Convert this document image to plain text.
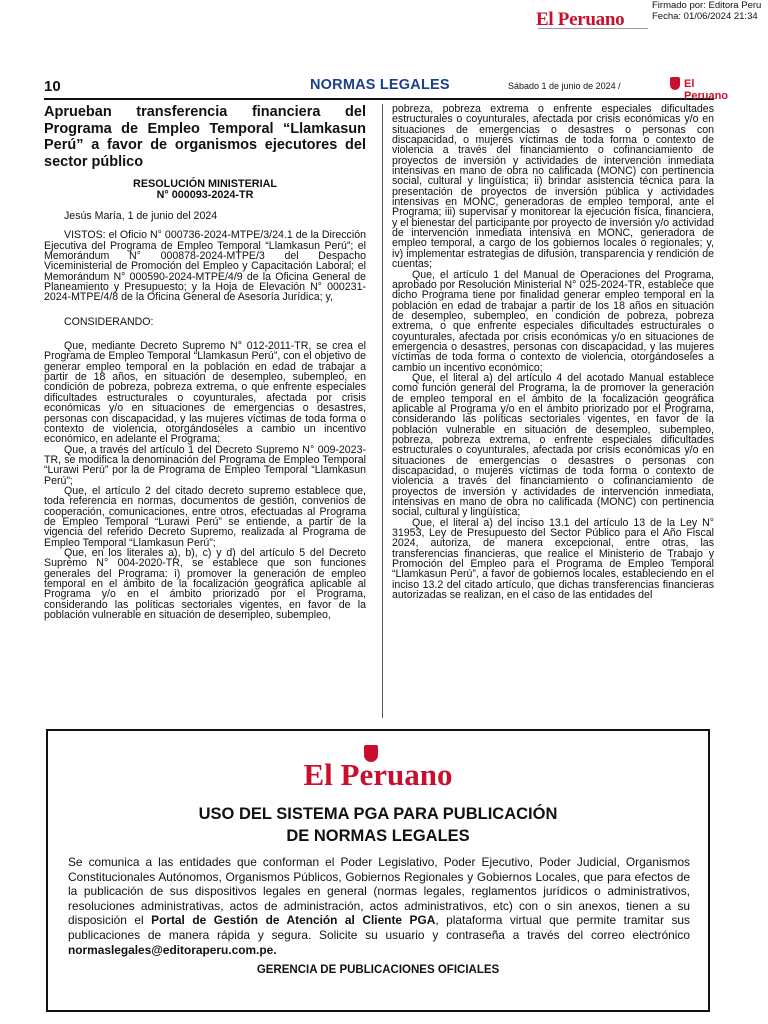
El Peruano
Firmado por: Editora Peru Fecha: 01/06/2024 21:34
10	NORMAS LEGALES	Sábado 1 de junio de 2024 /	El Peruano
Aprueban transferencia financiera del Programa de Empleo Temporal “Llamkasun Perú” a favor de organismos ejecutores del sector público
RESOLUCIÓN MINISTERIAL
N° 000093-2024-TR

Jesús María, 1 de junio del 2024

VISTOS: el Oficio N° 000736-2024-MTPE/3/24.1 de la Dirección Ejecutiva del Programa de Empleo Temporal “Llamkasun Perú”; el Memorándum N° 000878-2024-MTPE/3 del Despacho Viceministerial de Promoción del Empleo y Capacitación Laboral; el Memorándum N° 000590-2024-MTPE/4/9 de la Oficina General de Planeamiento y Presupuesto; y la Hoja de Elevación N° 000231-2024-MTPE/4/8 de la Oficina General de Asesoría Jurídica; y,

CONSIDERANDO:

Que, mediante Decreto Supremo N° 012-2011-TR, se crea el Programa de Empleo Temporal “Llamkasun Perú”, con el objetivo de generar empleo temporal en la población en edad de trabajar a partir de 18 años, en situación de desempleo, subempleo, en condición de pobreza, pobreza extrema, o que enfrente especiales dificultades estructurales o coyunturales, afectada por crisis económicas y/o en situaciones de emergencias o desastres, personas con discapacidad, y las mujeres víctimas de toda forma o contexto de violencia, otorgándoseles a cambio un incentivo económico, en adelante el Programa;

Que, a través del artículo 1 del Decreto Supremo N° 009-2023-TR, se modifica la denominación del Programa de Empleo Temporal “Lurawi Perú” por la de Programa de Empleo Temporal “Llamkasun Perú”;

Que, el artículo 2 del citado decreto supremo establece que, toda referencia en normas, documentos de gestión, convenios de cooperación, comunicaciones, entre otros, efectuadas al Programa de Empleo Temporal “Lurawi Perú” se entiende, a partir de la vigencia del referido Decreto Supremo, realizada al Programa de Empleo Temporal “Llamkasun Perú”;

Que, en los literales a), b), c) y d) del artículo 5 del Decreto Supremo N° 004-2020-TR, se establece que son funciones generales del Programa: i) promover la generación de empleo temporal en el ámbito de la focalización geográfica aplicable al Programa y/o en el ámbito priorizado por el Programa, considerando las políticas sectoriales vigentes, en favor de la población vulnerable en situación de desempleo, subempleo,

pobreza, pobreza extrema o enfrente especiales dificultades estructurales o coyunturales, afectada por crisis económicas y/o en situaciones de emergencias o desastres o personas con discapacidad, o mujeres víctimas de toda forma o contexto de violencia a través del financiamiento o cofinanciamiento de proyectos de inversión y actividades de intervención inmediata intensivas en mano de obra no calificada (MONC) con pertinencia social, cultural y lingüística; ii) brindar asistencia técnica para la presentación de proyectos de inversión pública y actividades intensivas en MONC, generadoras de empleo temporal, ante el Programa; iii) supervisar y monitorear la ejecución física, financiera, y el bienestar del participante por proyecto de inversión y/o actividad de intervención inmediata intensiva en MONC, generadora de empleo temporal, a cargo de los gobiernos locales o regionales; y, iv) implementar estrategias de difusión, transparencia y rendición de cuentas;

Que, el artículo 1 del Manual de Operaciones del Programa, aprobado por Resolución Ministerial N° 025-2024-TR, establece que dicho Programa tiene por finalidad generar empleo temporal en la población en edad de trabajar a partir de los 18 años en situación de desempleo, subempleo, en condición de pobreza, pobreza extrema, o que enfrente especiales dificultades estructurales o coyunturales, afectada por crisis económicas y/o en situaciones de emergencia o desastres, personas con discapacidad, y las mujeres víctimas de toda forma o contexto de violencia, otorgándoseles a cambio un incentivo económico;

Que, el literal a) del artículo 4 del acotado Manual establece como función general del Programa, la de promover la generación de empleo temporal en el ámbito de la focalización geográfica aplicable al Programa y/o en el ámbito priorizado por el Programa, considerando las políticas sectoriales vigentes, en favor de la población vulnerable en situación de desempleo, subempleo, pobreza, pobreza extrema, o enfrente especiales dificultades estructurales o coyunturales, afectada por crisis económicas y/o en situaciones de emergencias o desastres o personas con discapacidad, o mujeres víctimas de toda forma o contexto de violencia a través del financiamiento o cofinanciamiento de proyectos de inversión y actividades de intervención inmediata, intensivas en mano de obra no calificada (MONC) con pertinencia social, cultural y lingüística;

Que, el literal a) del inciso 13.1 del artículo 13 de la Ley N° 31953, Ley de Presupuesto del Sector Público para el Año Fiscal 2024, autoriza, de manera excepcional, entre otras, las transferencias financieras, que realice el Ministerio de Trabajo y Promoción del Empleo para el Programa de Empleo Temporal “Llamkasun Perú”, a favor de gobiernos locales, estableciendo en el inciso 13.2 del citado artículo, que dichas transferencias financieras autorizadas se realizan, en el caso de las entidades del

El Peruano
USO DEL SISTEMA PGA PARA PUBLICACIÓN
DE NORMAS LEGALES
Se comunica a las entidades que conforman el Poder Legislativo, Poder Ejecutivo, Poder Judicial, Organismos Constitucionales Autónomos, Organismos Públicos, Gobiernos Regionales y Gobiernos Locales, que para efectos de la publicación de sus dispositivos legales en general (normas legales, reglamentos jurídicos o administrativos, resoluciones administrativas, actos de administración, actos administrativos, etc) con o sin anexos, tienen a su disposición el Portal de Gestión de Atención al Cliente PGA, plataforma virtual que permite tramitar sus publicaciones de manera rápida y segura. Solicite su usuario y contraseña a través del correo electrónico normaslegales@editoraperu.com.pe.
GERENCIA DE PUBLICACIONES OFICIALES
